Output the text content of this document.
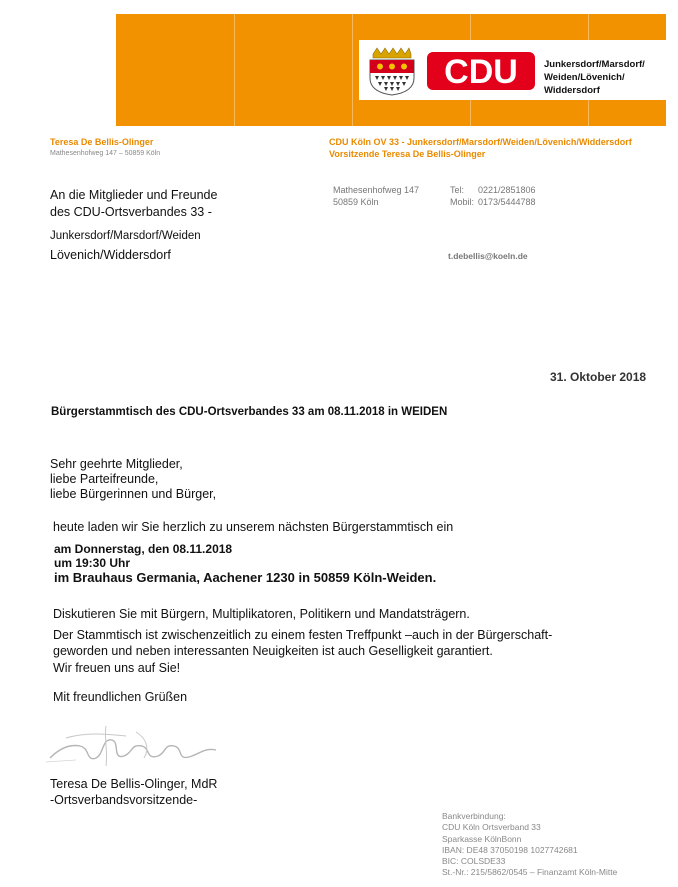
CDU	Junkersdorf/Marsdorf/
Weiden/Lövenich/
Widdersdorf
Teresa De Bellis-Olinger
Mathesenhofweg 147 – 50859 Köln
CDU Köln OV 33 - Junkersdorf/Marsdorf/Weiden/Lövenich/Widdersdorf
Vorsitzende Teresa De Bellis-Olinger
Mathesenhofweg 147
50859 Köln
Tel: 0221/2851806
Mobil: 0173/5444788
t.debellis@koeln.de
An die Mitglieder und Freunde
des CDU-Ortsverbandes 33 -
Junkersdorf/Marsdorf/Weiden
Lövenich/Widdersdorf
31. Oktober 2018
Bürgerstammtisch des CDU-Ortsverbandes 33 am 08.11.2018 in WEIDEN
Sehr geehrte Mitglieder,
liebe Parteifreunde,
liebe Bürgerinnen und Bürger,
heute laden wir Sie herzlich zu unserem nächsten Bürgerstammtisch ein
am Donnerstag, den 08.11.2018
um 19:30 Uhr
im Brauhaus Germania, Aachener 1230 in 50859 Köln-Weiden.
Diskutieren Sie mit Bürgern, Multiplikatoren, Politikern und Mandatsträgern.
Der Stammtisch ist zwischenzeitlich zu einem festen Treffpunkt –auch in der Bürgerschaft-
geworden und neben interessanten Neuigkeiten ist auch Geselligkeit garantiert.
Wir freuen uns auf Sie!
Mit freundlichen Grüßen
Teresa De Bellis-Olinger, MdR
-Ortsverbandsvorsitzende-
Bankverbindung:
CDU Köln Ortsverband 33
Sparkasse KölnBonn
IBAN: DE48 37050198 1027742681
BIC: COLSDE33
St.-Nr.: 215/5862/0545 – Finanzamt Köln-Mitte
